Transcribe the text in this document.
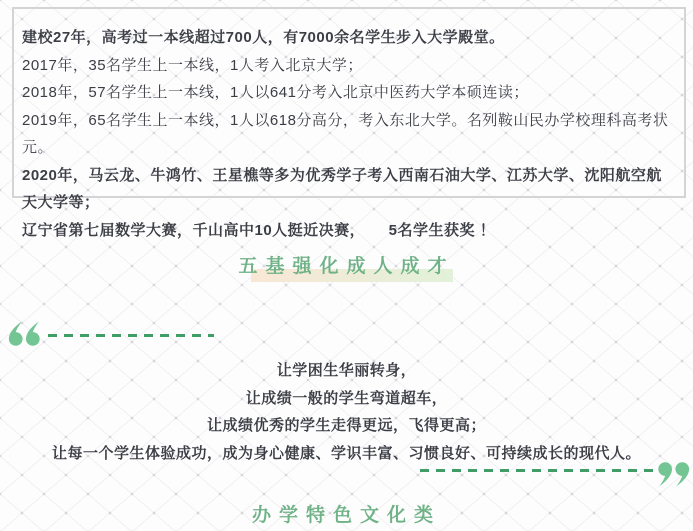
建校27年，高考过一本线超过700人，有7000余名学生步入大学殿堂。

2017年，35名学生上一本线，1人考入北京大学；

2018年，57名学生上一本线，1人以641分考入北京中医药大学本硕连读；

2019年，65名学生上一本线，1人以618分高分，考入东北大学。名列鞍山民办学校理科高考状元。

2020年，马云龙、牛鸿竹、王星樵等多为优秀学子考入西南石油大学、江苏大学、沈阳航空航天大学等；

辽宁省第七届数学大赛，千山高中10人挺近决赛，　　5名学生获奖 ！

五基强化成人成才
让学困生华丽转身，
让成绩一般的学生弯道超车，
让成绩优秀的学生走得更远，飞得更高；
让每一个学生体验成功，成为身心健康、学识丰富、习惯良好、可持续成长的现代人。
办学特色文化类
